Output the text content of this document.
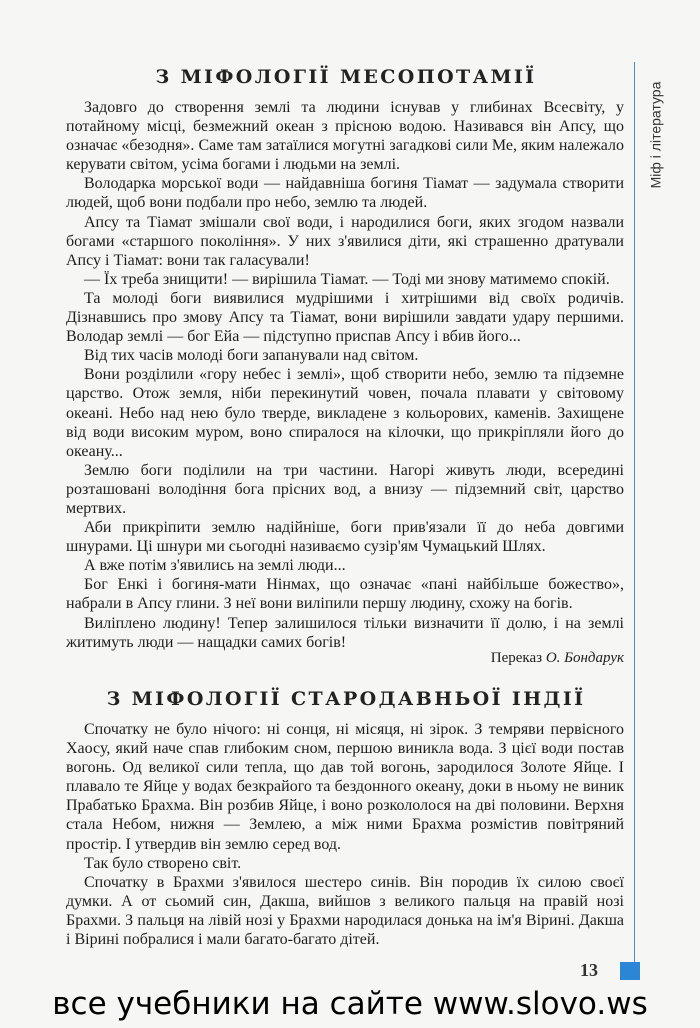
Міф і література
З МІФОЛОГІЇ МЕСОПОТАМІЇ

Задовго до створення землі та людини існував у глибинах Всесвіту, у потайному місці, безмежний океан з прісною водою. Називався він Апсу, що означає «безодня». Саме там затаїлися могутні загадкові сили Ме, яким належало керувати світом, усіма богами і людьми на землі.

Володарка морської води — найдавніша богиня Тіамат — задумала створити людей, щоб вони подбали про небо, землю та людей.

Апсу та Тіамат змішали свої води, і народилися боги, яких згодом назвали богами «старшого покоління». У них з'явилися діти, які страшенно дратували Апсу і Тіамат: вони так галасували!

— Їх треба знищити! — вирішила Тіамат. — Тоді ми знову матимемо спокій.

Та молоді боги виявилися мудрішими і хитрішими від своїх родичів. Дізнавшись про змову Апсу та Тіамат, вони вирішили завдати удару першими. Володар землі — бог Ейа — підступно приспав Апсу і вбив його...

Від тих часів молоді боги запанували над світом.

Вони розділили «гору небес і землі», щоб створити небо, землю та підземне царство. Отож земля, ніби перекинутий човен, почала плавати у світовому океані. Небо над нею було тверде, викладене з кольорових, каменів. Захищене від води високим муром, воно спиралося на кілочки, що прикріпляли його до океану...

Землю боги поділили на три частини. Нагорі живуть люди, всередині розташовані володіння бога прісних вод, а внизу — підземний світ, царство мертвих.

Аби прикріпити землю надійніше, боги прив'язали її до неба довгими шнурами. Ці шнури ми сьогодні називаємо сузір'ям Чумацький Шлях.

А вже потім з'явились на землі люди...

Бог Енкі і богиня-мати Нінмах, що означає «пані найбільше божество», набрали в Апсу глини. З неї вони виліпили першу людину, схожу на богів.

Виліплено людину! Тепер залишилося тільки визначити її долю, і на землі житимуть люди — нащадки самих богів!

Переказ О. Бондарук
З МІФОЛОГІЇ СТАРОДАВНЬОЇ ІНДІЇ

Спочатку не було нічого: ні сонця, ні місяця, ні зірок. З темряви первісного Хаосу, який наче спав глибоким сном, першою виникла вода. З цієї води постав вогонь. Од великої сили тепла, що дав той вогонь, зародилося Золоте Яйце. І плавало те Яйце у водах безкрайого та бездонного океану, доки в ньому не виник Прабатько Брахма. Він розбив Яйце, і воно розкололося на дві половини. Верхня стала Небом, нижня — Землею, а між ними Брахма розмістив повітряний простір. І утвердив він землю серед вод.

Так було створено світ.

Спочатку в Брахми з'явилося шестеро синів. Він породив їх силою своєї думки. А от сьомий син, Дакша, вийшов з великого пальця на правій нозі Брахми. З пальця на лівій нозі у Брахми народилася донька на ім'я Вірині. Дакша і Вірині побралися і мали багато-багато дітей.

13
все учебники на сайте www.slovo.ws
